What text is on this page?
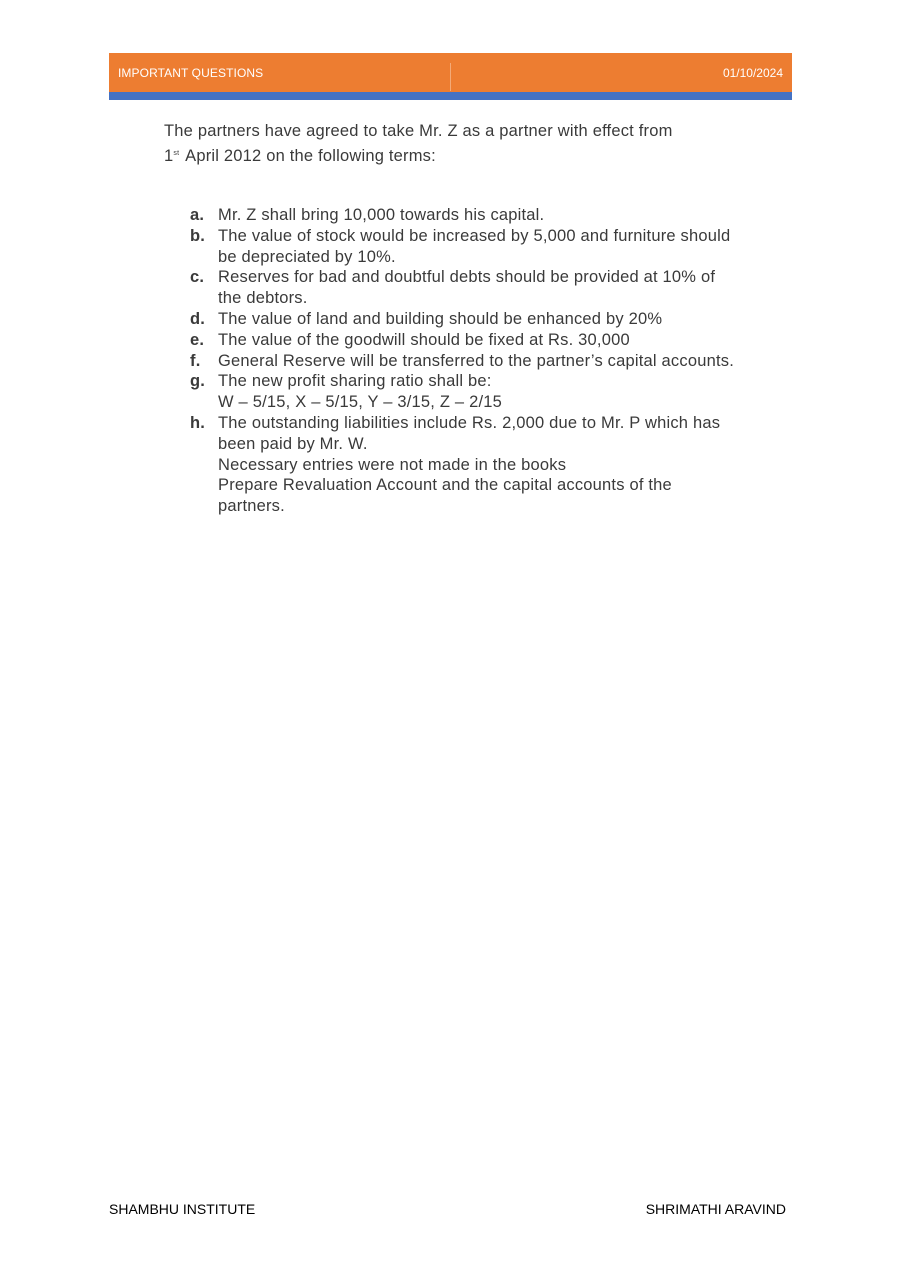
IMPORTANT QUESTIONS	01/10/2024
The partners have agreed to take Mr. Z as a partner with effect from
1st April 2012 on the following terms:
a. Mr. Z shall bring 10,000 towards his capital.
b. The value of stock would be increased by 5,000 and furniture should
be depreciated by 10%.
c. Reserves for bad and doubtful debts should be provided at 10% of
the debtors.
d. The value of land and building should be enhanced by 20%
e. The value of the goodwill should be fixed at Rs. 30,000
f. General Reserve will be transferred to the partner’s capital accounts.
g. The new profit sharing ratio shall be:
W – 5/15, X – 5/15, Y – 3/15, Z – 2/15
h. The outstanding liabilities include Rs. 2,000 due to Mr. P which has
been paid by Mr. W.
Necessary entries were not made in the books
Prepare Revaluation Account and the capital accounts of the
partners.
SHAMBHU INSTITUTE	SHRIMATHI ARAVIND
